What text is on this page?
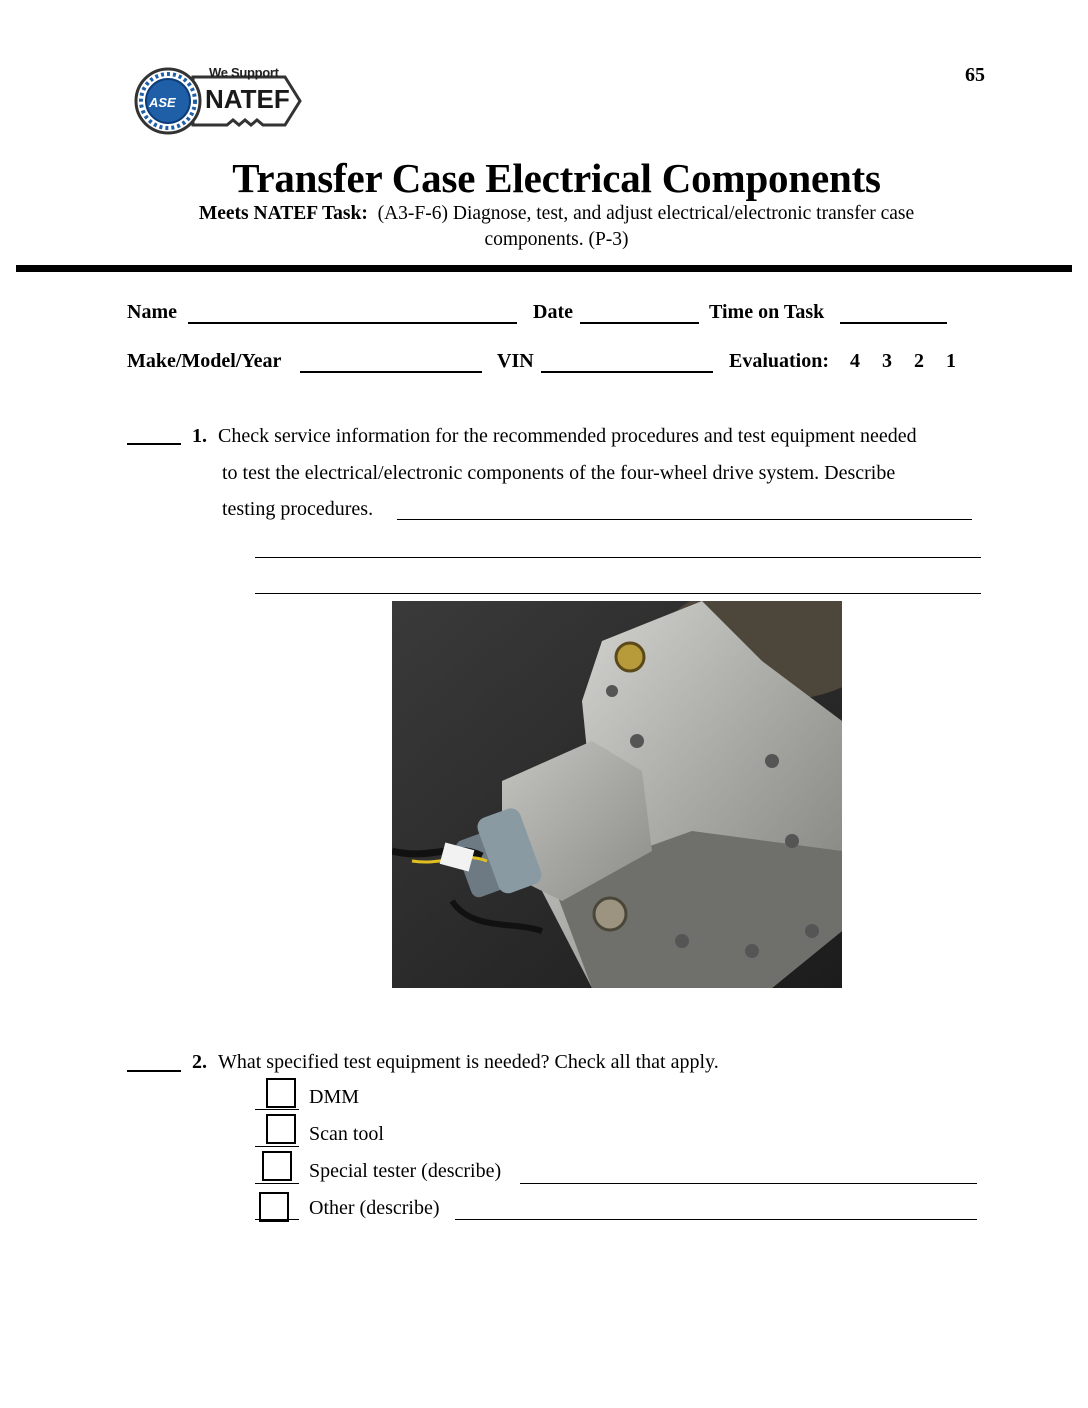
We Support
NATEF
ASE
65
Transfer Case Electrical Components
Meets NATEF Task: (A3-F-6) Diagnose, test, and adjust electrical/electronic transfer case
components. (P-3)
Name	Date	Time on Task
Make/Model/Year	VIN	Evaluation: 4 3 2 1
1. Check service information for the recommended procedures and test equipment needed
to test the electrical/electronic components of the four-wheel drive system. Describe
testing procedures.
2. What specified test equipment is needed? Check all that apply.
DMM
Scan tool
Special tester (describe)
Other (describe)
